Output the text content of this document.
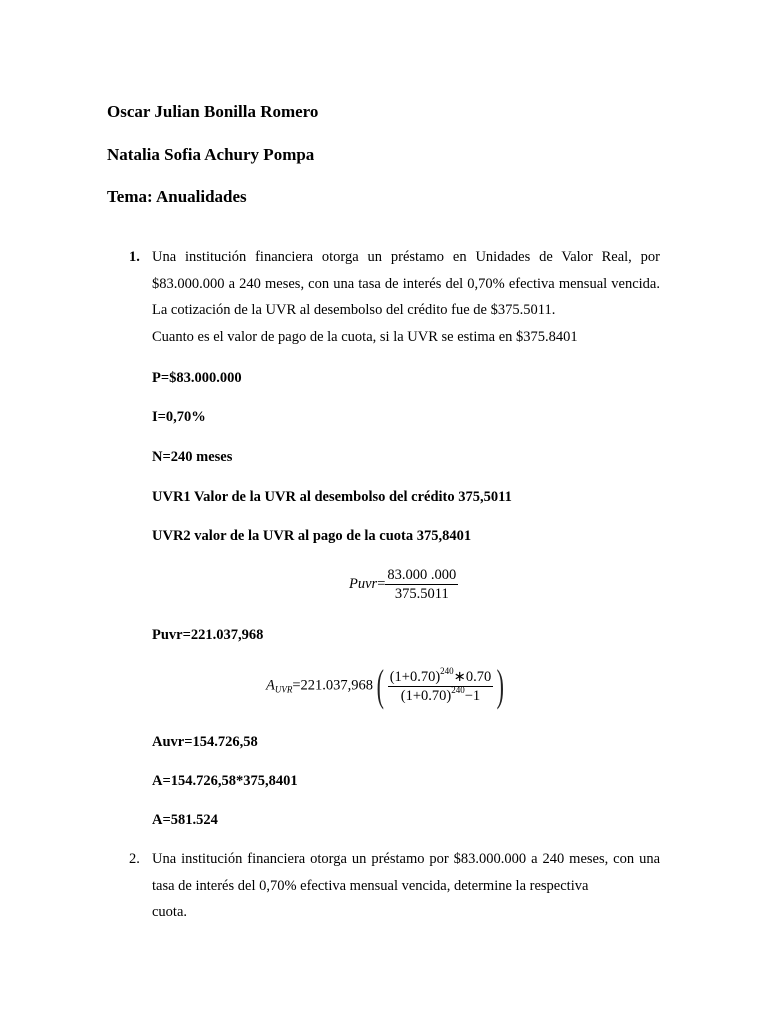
Oscar Julian Bonilla Romero

Natalia Sofia Achury Pompa

Tema: Anualidades

1. Una institución financiera otorga un préstamo en Unidades de Valor Real, por $83.000.000 a 240 meses, con una tasa de interés del 0,70% efectiva mensual vencida. La cotización de la UVR al desembolso del crédito fue de $375.5011.
Cuanto es el valor de pago de la cuota, si la UVR se estima en $375.8401

P=$83.000.000

I=0,70%

N=240 meses

UVR1 Valor de la UVR al desembolso del crédito 375,5011

UVR2 valor de la UVR al pago de la cuota 375,8401

Puvr= $\frac{83.000 .000}{375.5011}$

Puvr=221.037,968

$A_{UVR}=221.037,968( \frac{(1+0.70)^{240}∗0.70}{(1+0.70)^{240}-1}$ )

Auvr=154.726,58

A=154.726,58*375,8401

A=581.524

2. Una institución financiera otorga un préstamo por $83.000.000 a 240 meses, con una tasa de interés del 0,70% efectiva mensual vencida, determine la respectiva
cuota.
